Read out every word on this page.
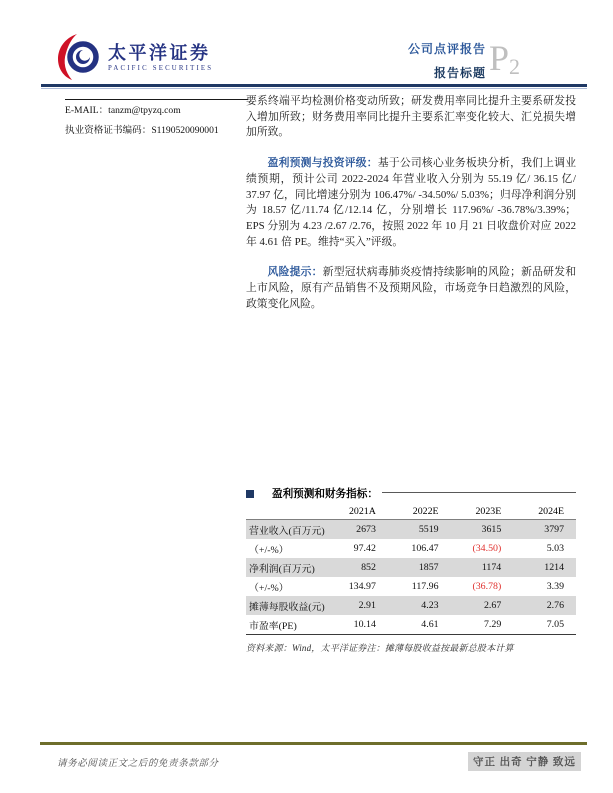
太平洋证券
PACIFIC SECURITIES
公司点评报告
报告标题 P2
E-MAIL：tanzm@tpyzq.com
执业资格证书编码：S1190520090001

要系终端平均检测价格变动所致；研发费用率同比提升主要系研发投入增加所致；财务费用率同比提升主要系汇率变化较大、汇兑损失增加所致。

盈利预测与投资评级：基于公司核心业务板块分析，我们上调业绩预期，预计公司 2022-2024 年营业收入分别为 55.19 亿/ 36.15 亿/ 37.97 亿，同比增速分别为 106.47%/ -34.50%/ 5.03%；归母净利润分别为 18.57 亿/11.74 亿/12.14 亿，分别增长 117.96%/ -36.78%/3.39%；EPS 分别为 4.23 /2.67 /2.76，按照 2022 年 10 月 21 日收盘价对应 2022 年 4.61 倍 PE。维持“买入”评级。

风险提示：新型冠状病毒肺炎疫情持续影响的风险；新品研发和上市风险，原有产品销售不及预期风险，市场竞争日趋激烈的风险，政策变化风险。

盈利预测和财务指标：
	2021A	2022E	2023E	2024E
营业收入(百万元)	2673	5519	3615	3797
（+/-%）	97.42	106.47	(34.50)	5.03
净利润(百万元)	852	1857	1174	1214
（+/-%）	134.97	117.96	(36.78)	3.39
摊薄每股收益(元)	2.91	4.23	2.67	2.76
市盈率(PE)	10.14	4.61	7.29	7.05
资料来源：Wind，太平洋证券注：摊薄每股收益按最新总股本计算
请务必阅读正文之后的免责条款部分	守正 出奇 宁静 致远
